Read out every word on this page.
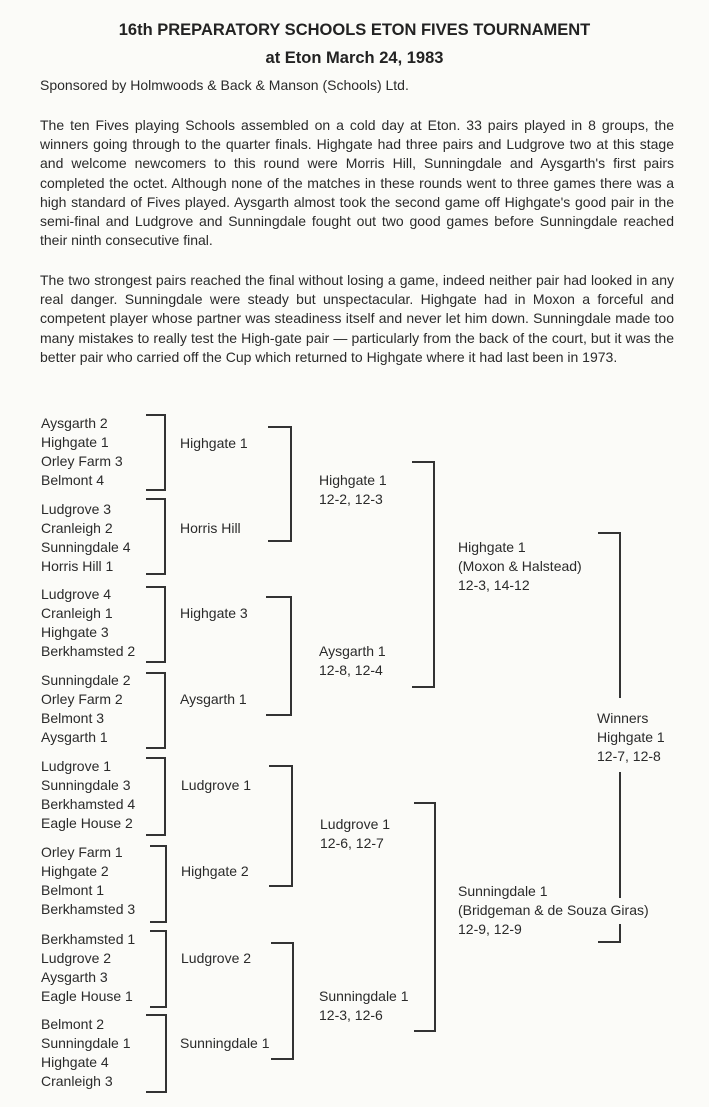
16th PREPARATORY SCHOOLS ETON FIVES TOURNAMENT
at Eton March 24, 1983
Sponsored by Holmwoods & Back & Manson (Schools) Ltd.

The ten Fives playing Schools assembled on a cold day at Eton. 33 pairs played in 8 groups, the winners going through to the quarter finals. Highgate had three pairs and Ludgrove two at this stage and welcome newcomers to this round were Morris Hill, Sunningdale and Aysgarth's first pairs completed the octet. Although none of the matches in these rounds went to three games there was a high standard of Fives played. Aysgarth almost took the second game off Highgate's good pair in the semi-final and Ludgrove and Sunningdale fought out two good games before Sunningdale reached their ninth consecutive final.

The two strongest pairs reached the final without losing a game, indeed neither pair had looked in any real danger. Sunningdale were steady but unspectacular. Highgate had in Moxon a forceful and competent player whose partner was steadiness itself and never let him down. Sunningdale made too many mistakes to really test the High-gate pair — particularly from the back of the court, but it was the better pair who carried off the Cup which returned to Highgate where it had last been in 1973.

Aysgarth 2
Highgate 1
Orley Farm 3
Belmont 4
Ludgrove 3
Cranleigh 2
Sunningdale 4
Horris Hill 1
Ludgrove 4
Cranleigh 1
Highgate 3
Berkhamsted 2
Sunningdale 2
Orley Farm 2
Belmont 3
Aysgarth 1
Ludgrove 1
Sunningdale 3
Berkhamsted 4
Eagle House 2
Orley Farm 1
Highgate 2
Belmont 1
Berkhamsted 3
Berkhamsted 1
Ludgrove 2
Aysgarth 3
Eagle House 1
Belmont 2
Sunningdale 1
Highgate 4
Cranleigh 3
Highgate 1
Horris Hill
Highgate 3
Aysgarth 1
Ludgrove 1
Highgate 2
Ludgrove 2
Sunningdale 1
Highgate 1
12-2, 12-3
Aysgarth 1
12-8, 12-4
Ludgrove 1
12-6, 12-7
Sunningdale 1
12-3, 12-6
Highgate 1
(Moxon & Halstead)
12-3, 14-12
Sunningdale 1
(Bridgeman & de Souza Giras)
12-9, 12-9
Winners
Highgate 1
12-7, 12-8
